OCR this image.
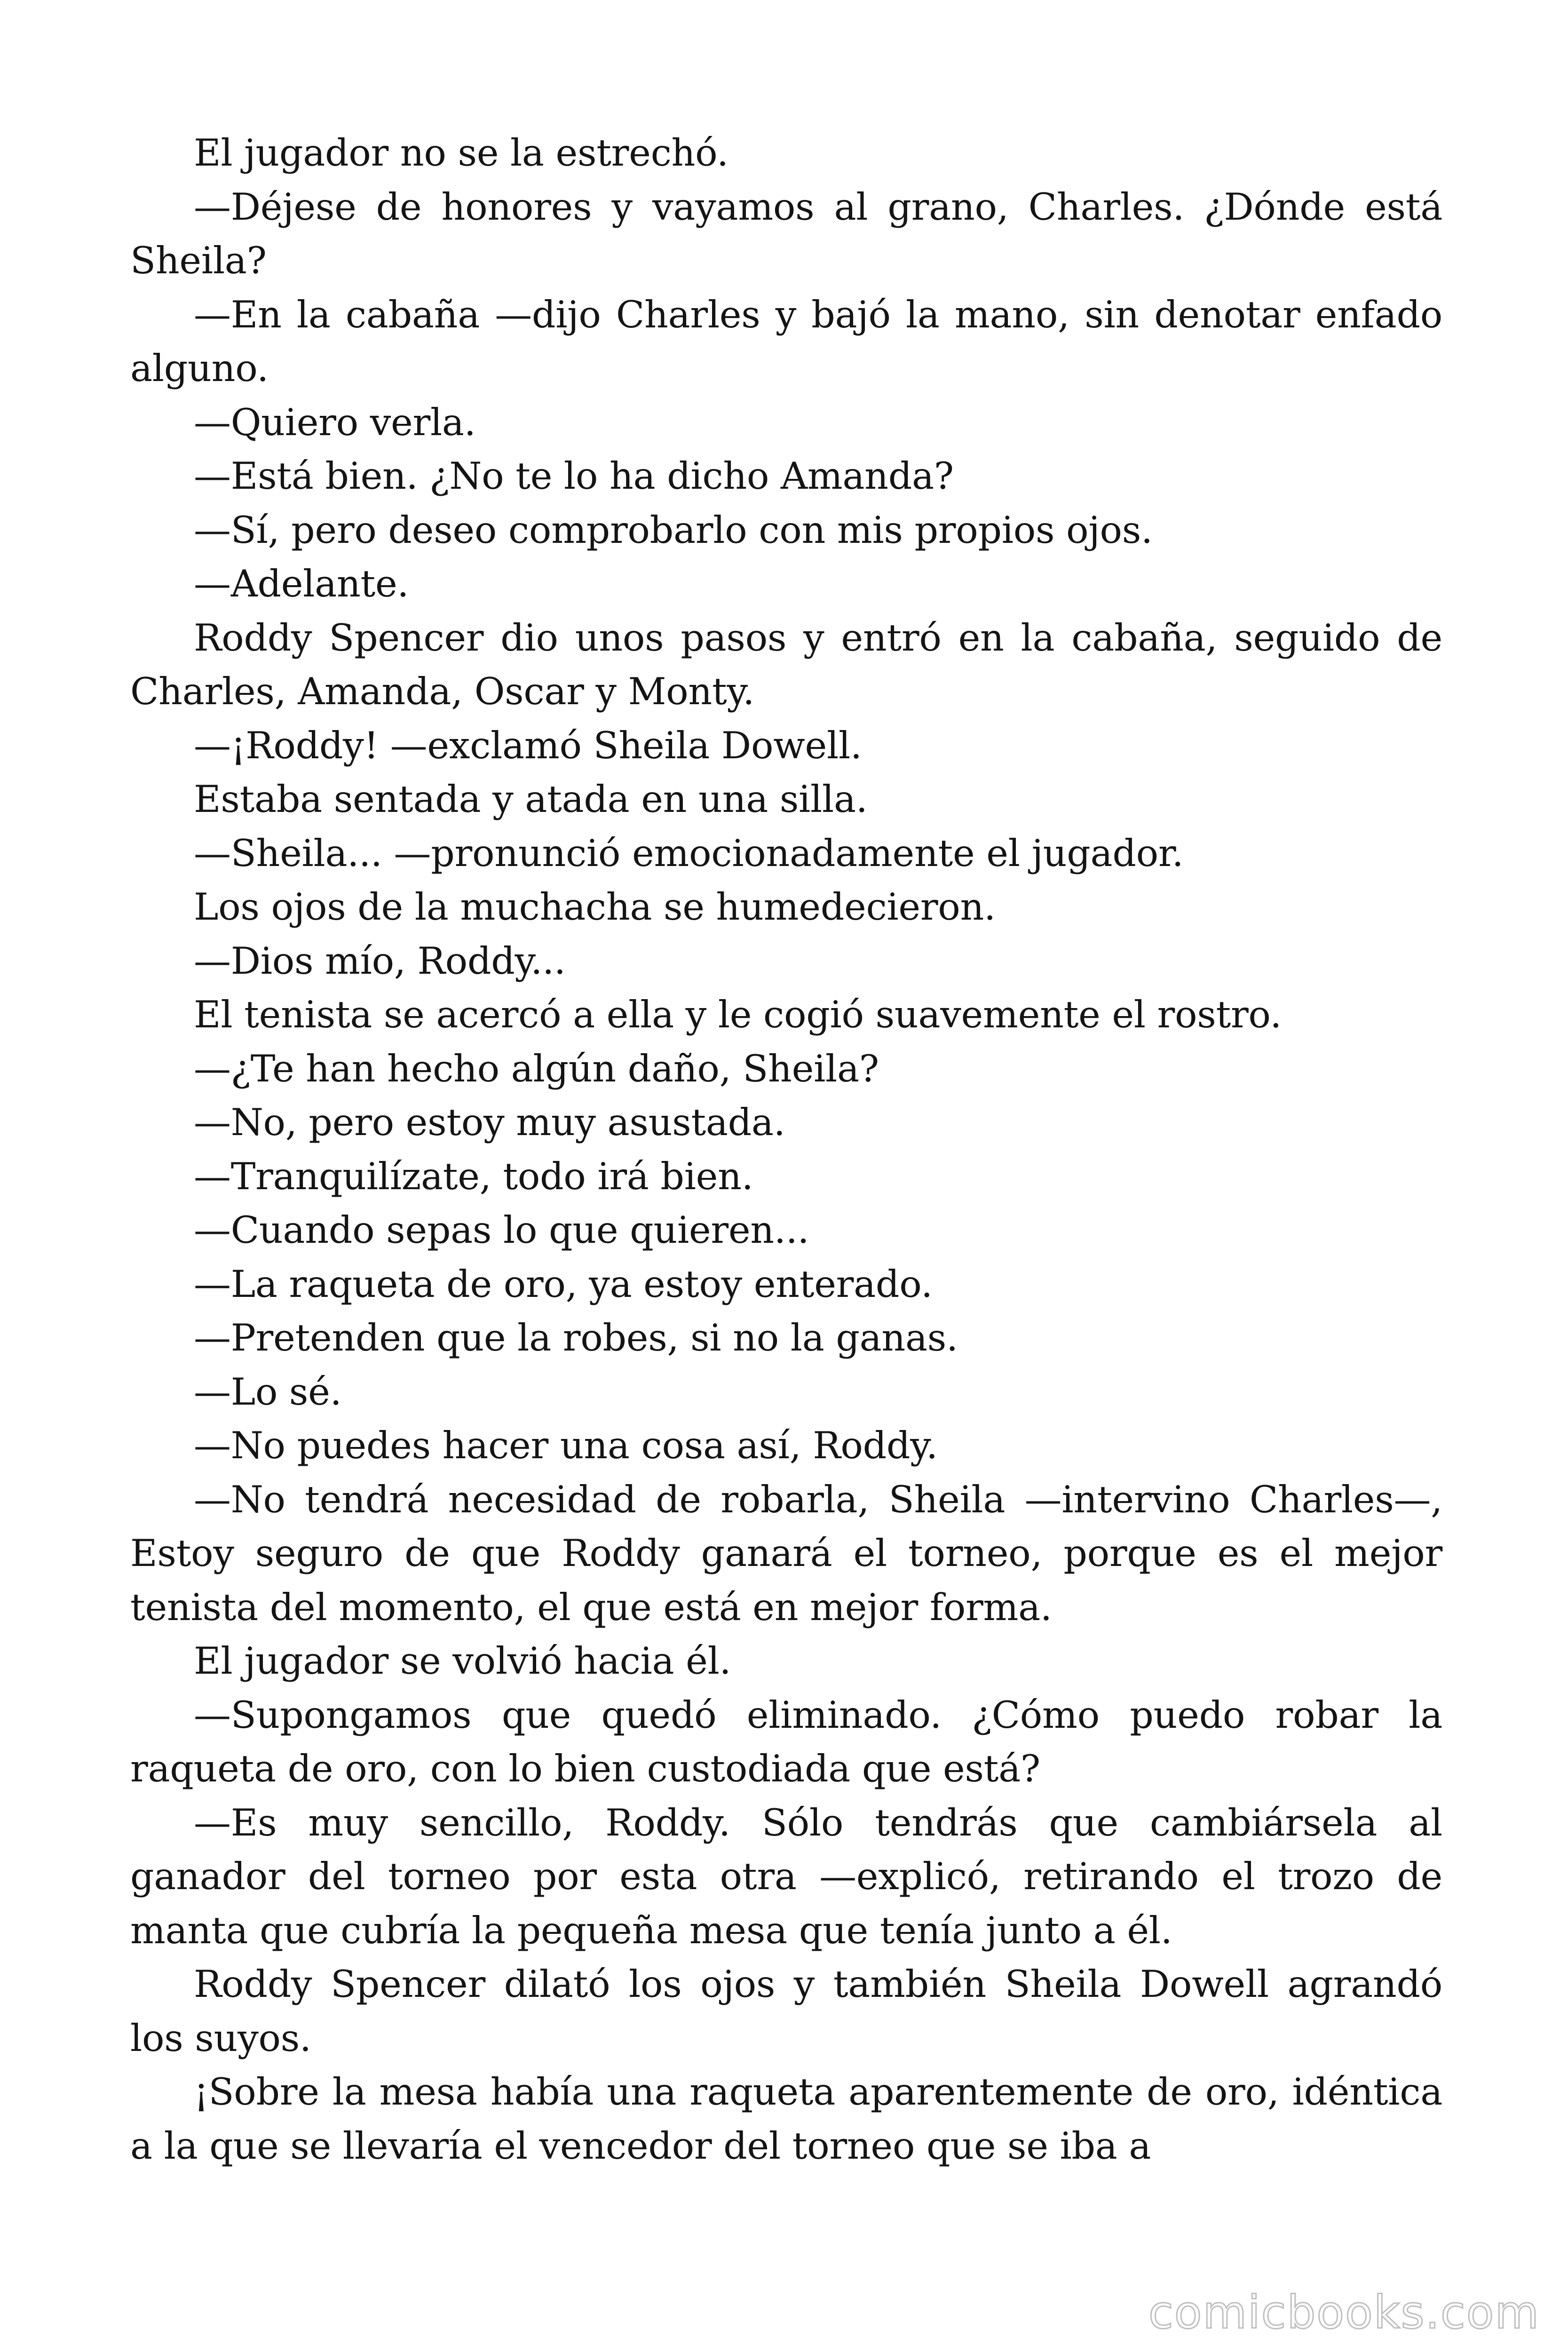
El jugador no se la estrechó.

—Déjese de honores y vayamos al grano, Charles. ¿Dónde está Sheila?

—En la cabaña —dijo Charles y bajó la mano, sin denotar enfado alguno.

—Quiero verla.

—Está bien. ¿No te lo ha dicho Amanda?

—Sí, pero deseo comprobarlo con mis propios ojos.

—Adelante.

Roddy Spencer dio unos pasos y entró en la cabaña, seguido de Charles, Amanda, Oscar y Monty.

—¡Roddy! —exclamó Sheila Dowell.

Estaba sentada y atada en una silla.

—Sheila... —pronunció emocionadamente el jugador.

Los ojos de la muchacha se humedecieron.

—Dios mío, Roddy...

El tenista se acercó a ella y le cogió suavemente el rostro.

—¿Te han hecho algún daño, Sheila?

—No, pero estoy muy asustada.

—Tranquilízate, todo irá bien.

—Cuando sepas lo que quieren...

—La raqueta de oro, ya estoy enterado.

—Pretenden que la robes, si no la ganas.

—Lo sé.

—No puedes hacer una cosa así, Roddy.

—No tendrá necesidad de robarla, Sheila —intervino Charles—, Estoy seguro de que Roddy ganará el torneo, porque es el mejor tenista del momento, el que está en mejor forma.

El jugador se volvió hacia él.

—Supongamos que quedó eliminado. ¿Cómo puedo robar la raqueta de oro, con lo bien custodiada que está?

—Es muy sencillo, Roddy. Sólo tendrás que cambiársela al ganador del torneo por esta otra —explicó, retirando el trozo de manta que cubría la pequeña mesa que tenía junto a él.

Roddy Spencer dilató los ojos y también Sheila Dowell agrandó los suyos.

¡Sobre la mesa había una raqueta aparentemente de oro, idéntica a la que se llevaría el vencedor del torneo que se iba a

comicbooks.com
